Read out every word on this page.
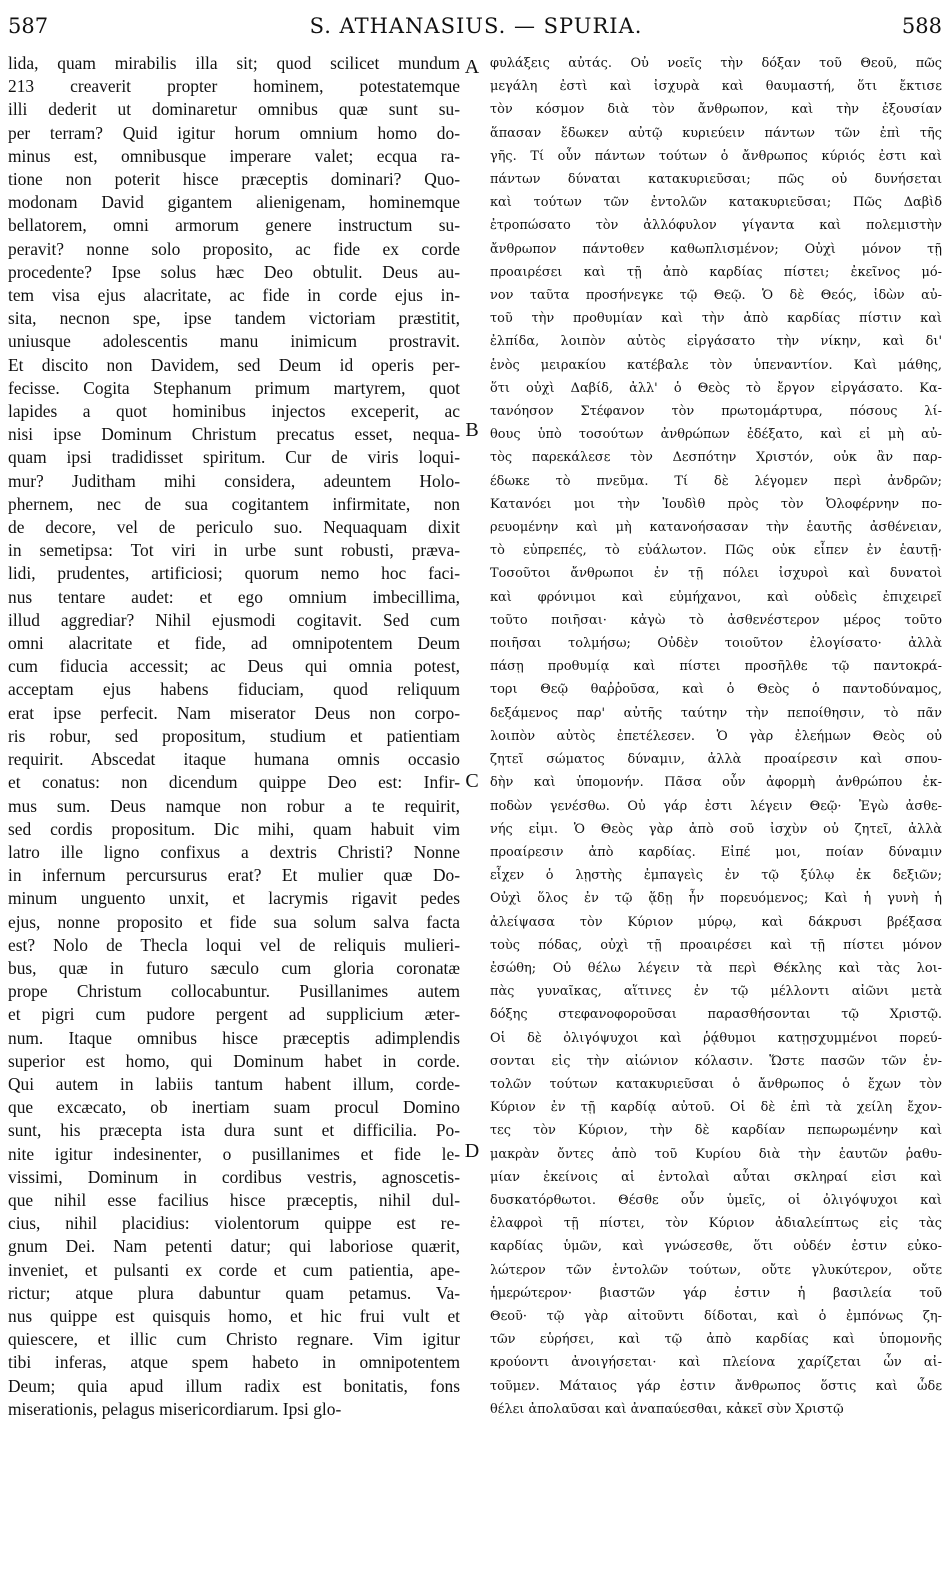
587	S. ATHANASIUS. — SPURIA.	588
lida, quam mirabilis illa sit; quod scilicet mundum
213 creaverit propter hominem, potestatemque
illi dederit ut dominaretur omnibus quæ sunt su-
per terram? Quid igitur horum omnium homo do-
minus est, omnibusque imperare valet; ecqua ra-
tione non poterit hisce præceptis dominari? Quo-
modonam David gigantem alienigenam, hominemque
bellatorem, omni armorum genere instructum su-
peravit? nonne solo proposito, ac fide ex corde
procedente? Ipse solus hæc Deo obtulit. Deus au-
tem visa ejus alacritate, ac fide in corde ejus in-
sita, necnon spe, ipse tandem victoriam præstitit,
uniusque adolescentis manu inimicum prostravit.
Et discito non Davidem, sed Deum id operis per-
fecisse. Cogita Stephanum primum martyrem, quot
lapides a quot hominibus injectos exceperit, ac
nisi ipse Dominum Christum precatus esset, nequa-
quam ipsi tradidisset spiritum. Cur de viris loqui-
mur? Juditham mihi considera, adeuntem Holo-
phernem, nec de sua cogitantem infirmitate, non
de decore, vel de periculo suo. Nequaquam dixit
in semetipsa: Tot viri in urbe sunt robusti, præva-
lidi, prudentes, artificiosi; quorum nemo hoc faci-
nus tentare audet: et ego omnium imbecillima,
illud aggrediar? Nihil ejusmodi cogitavit. Sed cum
omni alacritate et fide, ad omnipotentem Deum
cum fiducia accessit; ac Deus qui omnia potest,
acceptam ejus habens fiduciam, quod reliquum
erat ipse perfecit. Nam miserator Deus non corpo-
ris robur, sed propositum, studium et patientiam
requirit. Abscedat itaque humana omnis occasio
et conatus: non dicendum quippe Deo est: Infir-
mus sum. Deus namque non robur a te requirit,
sed cordis propositum. Dic mihi, quam habuit vim
latro ille ligno confixus a dextris Christi? Nonne
in infernum percursurus erat? Et mulier quæ Do-
minum unguento unxit, et lacrymis rigavit pedes
ejus, nonne proposito et fide sua solum salva facta
est? Nolo de Thecla loqui vel de reliquis mulieri-
bus, quæ in futuro sæculo cum gloria coronatæ
prope Christum collocabuntur. Pusillanimes autem
et pigri cum pudore pergent ad supplicium æter-
num. Itaque omnibus hisce præceptis adimplendis
superior est homo, qui Dominum habet in corde.
Qui autem in labiis tantum habent illum, corde-
que excæcato, ob inertiam suam procul Domino
sunt, his præcepta ista dura sunt et difficilia. Po-
nite igitur indesinenter, o pusillanimes et fide le-
vissimi, Dominum in cordibus vestris, agnoscetis-
que nihil esse facilius hisce præceptis, nihil dul-
cius, nihil placidius: violentorum quippe est re-
gnum Dei. Nam petenti datur; qui laboriose quærit,
inveniet, et pulsanti ex corde et cum patientia, ape-
rictur; atque plura dabuntur quam petamus. Va-
nus quippe est quisquis homo, et hic frui vult et
quiescere, et illic cum Christo regnare. Vim igitur
tibi inferas, atque spem habeto in omnipotentem
Deum; quia apud illum radix est bonitatis, fons
miserationis, pelagus misericordiarum. Ipsi glo-
φυλάξεις αὐτάς. Οὐ νοεῖς τὴν δόξαν τοῦ Θεοῦ, πῶς
μεγάλη ἐστὶ καὶ ἰσχυρὰ καὶ θαυμαστή, ὅτι ἔκτισε
τὸν κόσμον διὰ τὸν ἄνθρωπον, καὶ τὴν ἐξουσίαν
ἅπασαν ἔδωκεν αὐτῷ κυριεύειν πάντων τῶν ἐπὶ τῆς
γῆς. Τί οὖν πάντων τούτων ὁ ἄνθρωπος κύριός ἐστι καὶ
πάντων δύναται κατακυριεῦσαι; πῶς οὐ δυνήσεται
καὶ τούτων τῶν ἐντολῶν κατακυριεῦσαι; Πῶς Δαβὶδ
ἐτροπώσατο τὸν ἀλλόφυλον γίγαντα καὶ πολεμιστὴν
ἄνθρωπον πάντοθεν καθωπλισμένον; Οὐχὶ μόνον τῇ
προαιρέσει καὶ τῇ ἀπὸ καρδίας πίστει; ἐκεῖνος μό-
νον ταῦτα προσήνεγκε τῷ Θεῷ. Ὁ δὲ Θεός, ἰδὼν αὐ-
τοῦ τὴν προθυμίαν καὶ τὴν ἀπὸ καρδίας πίστιν καὶ
ἐλπίδα, λοιπὸν αὐτὸς εἰργάσατο τὴν νίκην, καὶ δι'
ἑνὸς μειρακίου κατέβαλε τὸν ὑπεναντίον. Καὶ μάθης,
ὅτι οὐχὶ Δαβίδ, ἀλλ' ὁ Θεὸς τὸ ἔργον εἰργάσατο. Κα-
τανόησον Στέφανον τὸν πρωτομάρτυρα, πόσους λί-
θους ὑπὸ τοσούτων ἀνθρώπων ἐδέξατο, καὶ εἰ μὴ αὐ-
τὸς παρεκάλεσε τὸν Δεσπότην Χριστόν, οὐκ ἂν παρ-
έδωκε τὸ πνεῦμα. Τί δὲ λέγομεν περὶ ἀνδρῶν;
Κατανόει μοι τὴν Ἰουδὶθ πρὸς τὸν Ὀλοφέρνην πο-
ρευομένην καὶ μὴ κατανοήσασαν τὴν ἑαυτῆς ἀσθένειαν,
τὸ εὐπρεπές, τὸ εὐάλωτον. Πῶς οὐκ εἶπεν ἐν ἑαυτῇ·
Τοσοῦτοι ἄνθρωποι ἐν τῇ πόλει ἰσχυροὶ καὶ δυνατοὶ
καὶ φρόνιμοι καὶ εὐμήχανοι, καὶ οὐδεὶς ἐπιχειρεῖ
τοῦτο ποιῆσαι· κἀγὼ τὸ ἀσθενέστερον μέρος τοῦτο
ποιῆσαι τολμήσω; Οὐδὲν τοιοῦτον ἐλογίσατο· ἀλλὰ
πάσῃ προθυμίᾳ καὶ πίστει προσῆλθε τῷ παντοκρά-
τορι Θεῷ θαῤῥοῦσα, καὶ ὁ Θεὸς ὁ παντοδύναμος,
δεξάμενος παρ' αὐτῆς ταύτην τὴν πεποίθησιν, τὸ πᾶν
λοιπὸν αὐτὸς ἐπετέλεσεν. Ὁ γὰρ ἐλεήμων Θεὸς οὐ
ζητεῖ σώματος δύναμιν, ἀλλὰ προαίρεσιν καὶ σπου-
δὴν καὶ ὑπομονήν. Πᾶσα οὖν ἀφορμὴ ἀνθρώπου ἐκ-
ποδὼν γενέσθω. Οὐ γάρ ἐστι λέγειν Θεῷ· Ἐγὼ ἀσθε-
νής εἰμι. Ὁ Θεὸς γὰρ ἀπὸ σοῦ ἰσχὺν οὐ ζητεῖ, ἀλλὰ
προαίρεσιν ἀπὸ καρδίας. Εἰπέ μοι, ποίαν δύναμιν
εἶχεν ὁ λῃστὴς ἐμπαγεὶς ἐν τῷ ξύλῳ ἐκ δεξιῶν;
Οὐχὶ ὅλος ἐν τῷ ᾅδῃ ἦν πορευόμενος; Καὶ ἡ γυνὴ ἡ
ἀλείψασα τὸν Κύριον μύρῳ, καὶ δάκρυσι βρέξασα
τοὺς πόδας, οὐχὶ τῇ προαιρέσει καὶ τῇ πίστει μόνον
ἐσώθη; Οὐ θέλω λέγειν τὰ περὶ Θέκλης καὶ τὰς λοι-
πὰς γυναῖκας, αἵτινες ἐν τῷ μέλλοντι αἰῶνι μετὰ
δόξης στεφανοφοροῦσαι παρασθήσονται τῷ Χριστῷ.
Οἱ δὲ ὀλιγόψυχοι καὶ ῥᾴθυμοι κατῃσχυμμένοι πορεύ-
σονται εἰς τὴν αἰώνιον κόλασιν. Ὥστε πασῶν τῶν ἐν-
τολῶν τούτων κατακυριεῦσαι ὁ ἄνθρωπος ὁ ἔχων τὸν
Κύριον ἐν τῇ καρδίᾳ αὐτοῦ. Οἱ δὲ ἐπὶ τὰ χείλη ἔχον-
τες τὸν Κύριον, τὴν δὲ καρδίαν πεπωρωμένην καὶ
μακρὰν ὄντες ἀπὸ τοῦ Κυρίου διὰ τὴν ἑαυτῶν ῥαθυ-
μίαν ἐκείνοις αἱ ἐντολαὶ αὗται σκληραί εἰσι καὶ
δυσκατόρθωτοι. Θέσθε οὖν ὑμεῖς, οἱ ὀλιγόψυχοι καὶ
ἐλαφροὶ τῇ πίστει, τὸν Κύριον ἀδιαλείπτως εἰς τὰς
καρδίας ὑμῶν, καὶ γνώσεσθε, ὅτι οὐδέν ἐστιν εὐκο-
λώτερον τῶν ἐντολῶν τούτων, οὔτε γλυκύτερον, οὔτε
ἡμερώτερον· βιαστῶν γάρ ἐστιν ἡ βασιλεία τοῦ
Θεοῦ· τῷ γὰρ αἰτοῦντι δίδοται, καὶ ὁ ἐμπόνως ζη-
τῶν εὑρήσει, καὶ τῷ ἀπὸ καρδίας καὶ ὑπομονῆς
κρούοντι ἀνοιγήσεται· καὶ πλείονα χαρίζεται ὧν αἰ-
τοῦμεν. Μάταιος γάρ ἐστιν ἄνθρωπος ὅστις καὶ ὧδε
θέλει ἀπολαῦσαι καὶ ἀναπαύεσθαι, κἀκεῖ σὺν Χριστῷ
A
B
C
D
